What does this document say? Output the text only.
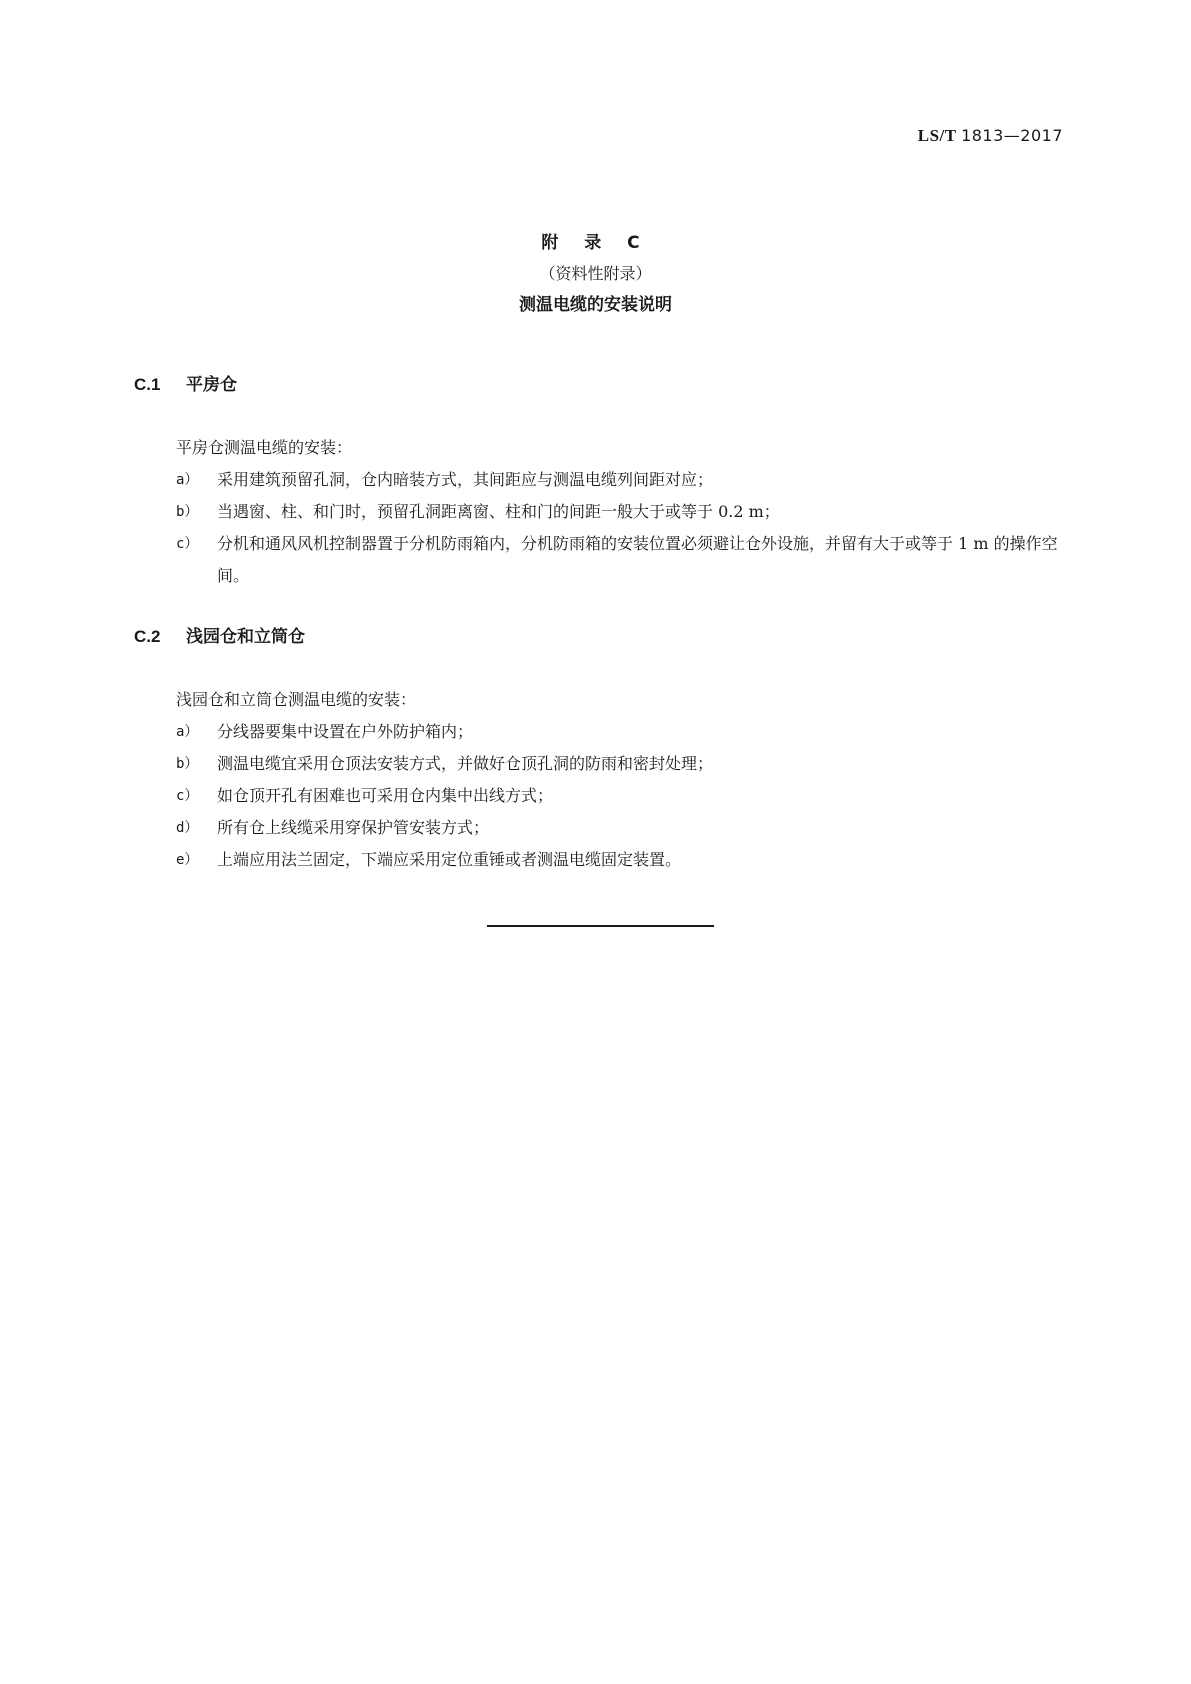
LS/T 1813—2017
附 录 C
（资料性附录）
测温电缆的安装说明
C.1 平房仓
平房仓测温电缆的安装：
a） 采用建筑预留孔洞，仓内暗装方式，其间距应与测温电缆列间距对应；
b） 当遇窗、柱、和门时，预留孔洞距离窗、柱和门的间距一般大于或等于 0.2 m；
c） 分机和通风风机控制器置于分机防雨箱内，分机防雨箱的安装位置必须避让仓外设施，并留有大于或等于 1 m 的操作空间。
C.2 浅园仓和立筒仓
浅园仓和立筒仓测温电缆的安装：
a） 分线器要集中设置在户外防护箱内；
b） 测温电缆宜采用仓顶法安装方式，并做好仓顶孔洞的防雨和密封处理；
c） 如仓顶开孔有困难也可采用仓内集中出线方式；
d） 所有仓上线缆采用穿保护管安装方式；
e） 上端应用法兰固定，下端应采用定位重锤或者测温电缆固定装置。
